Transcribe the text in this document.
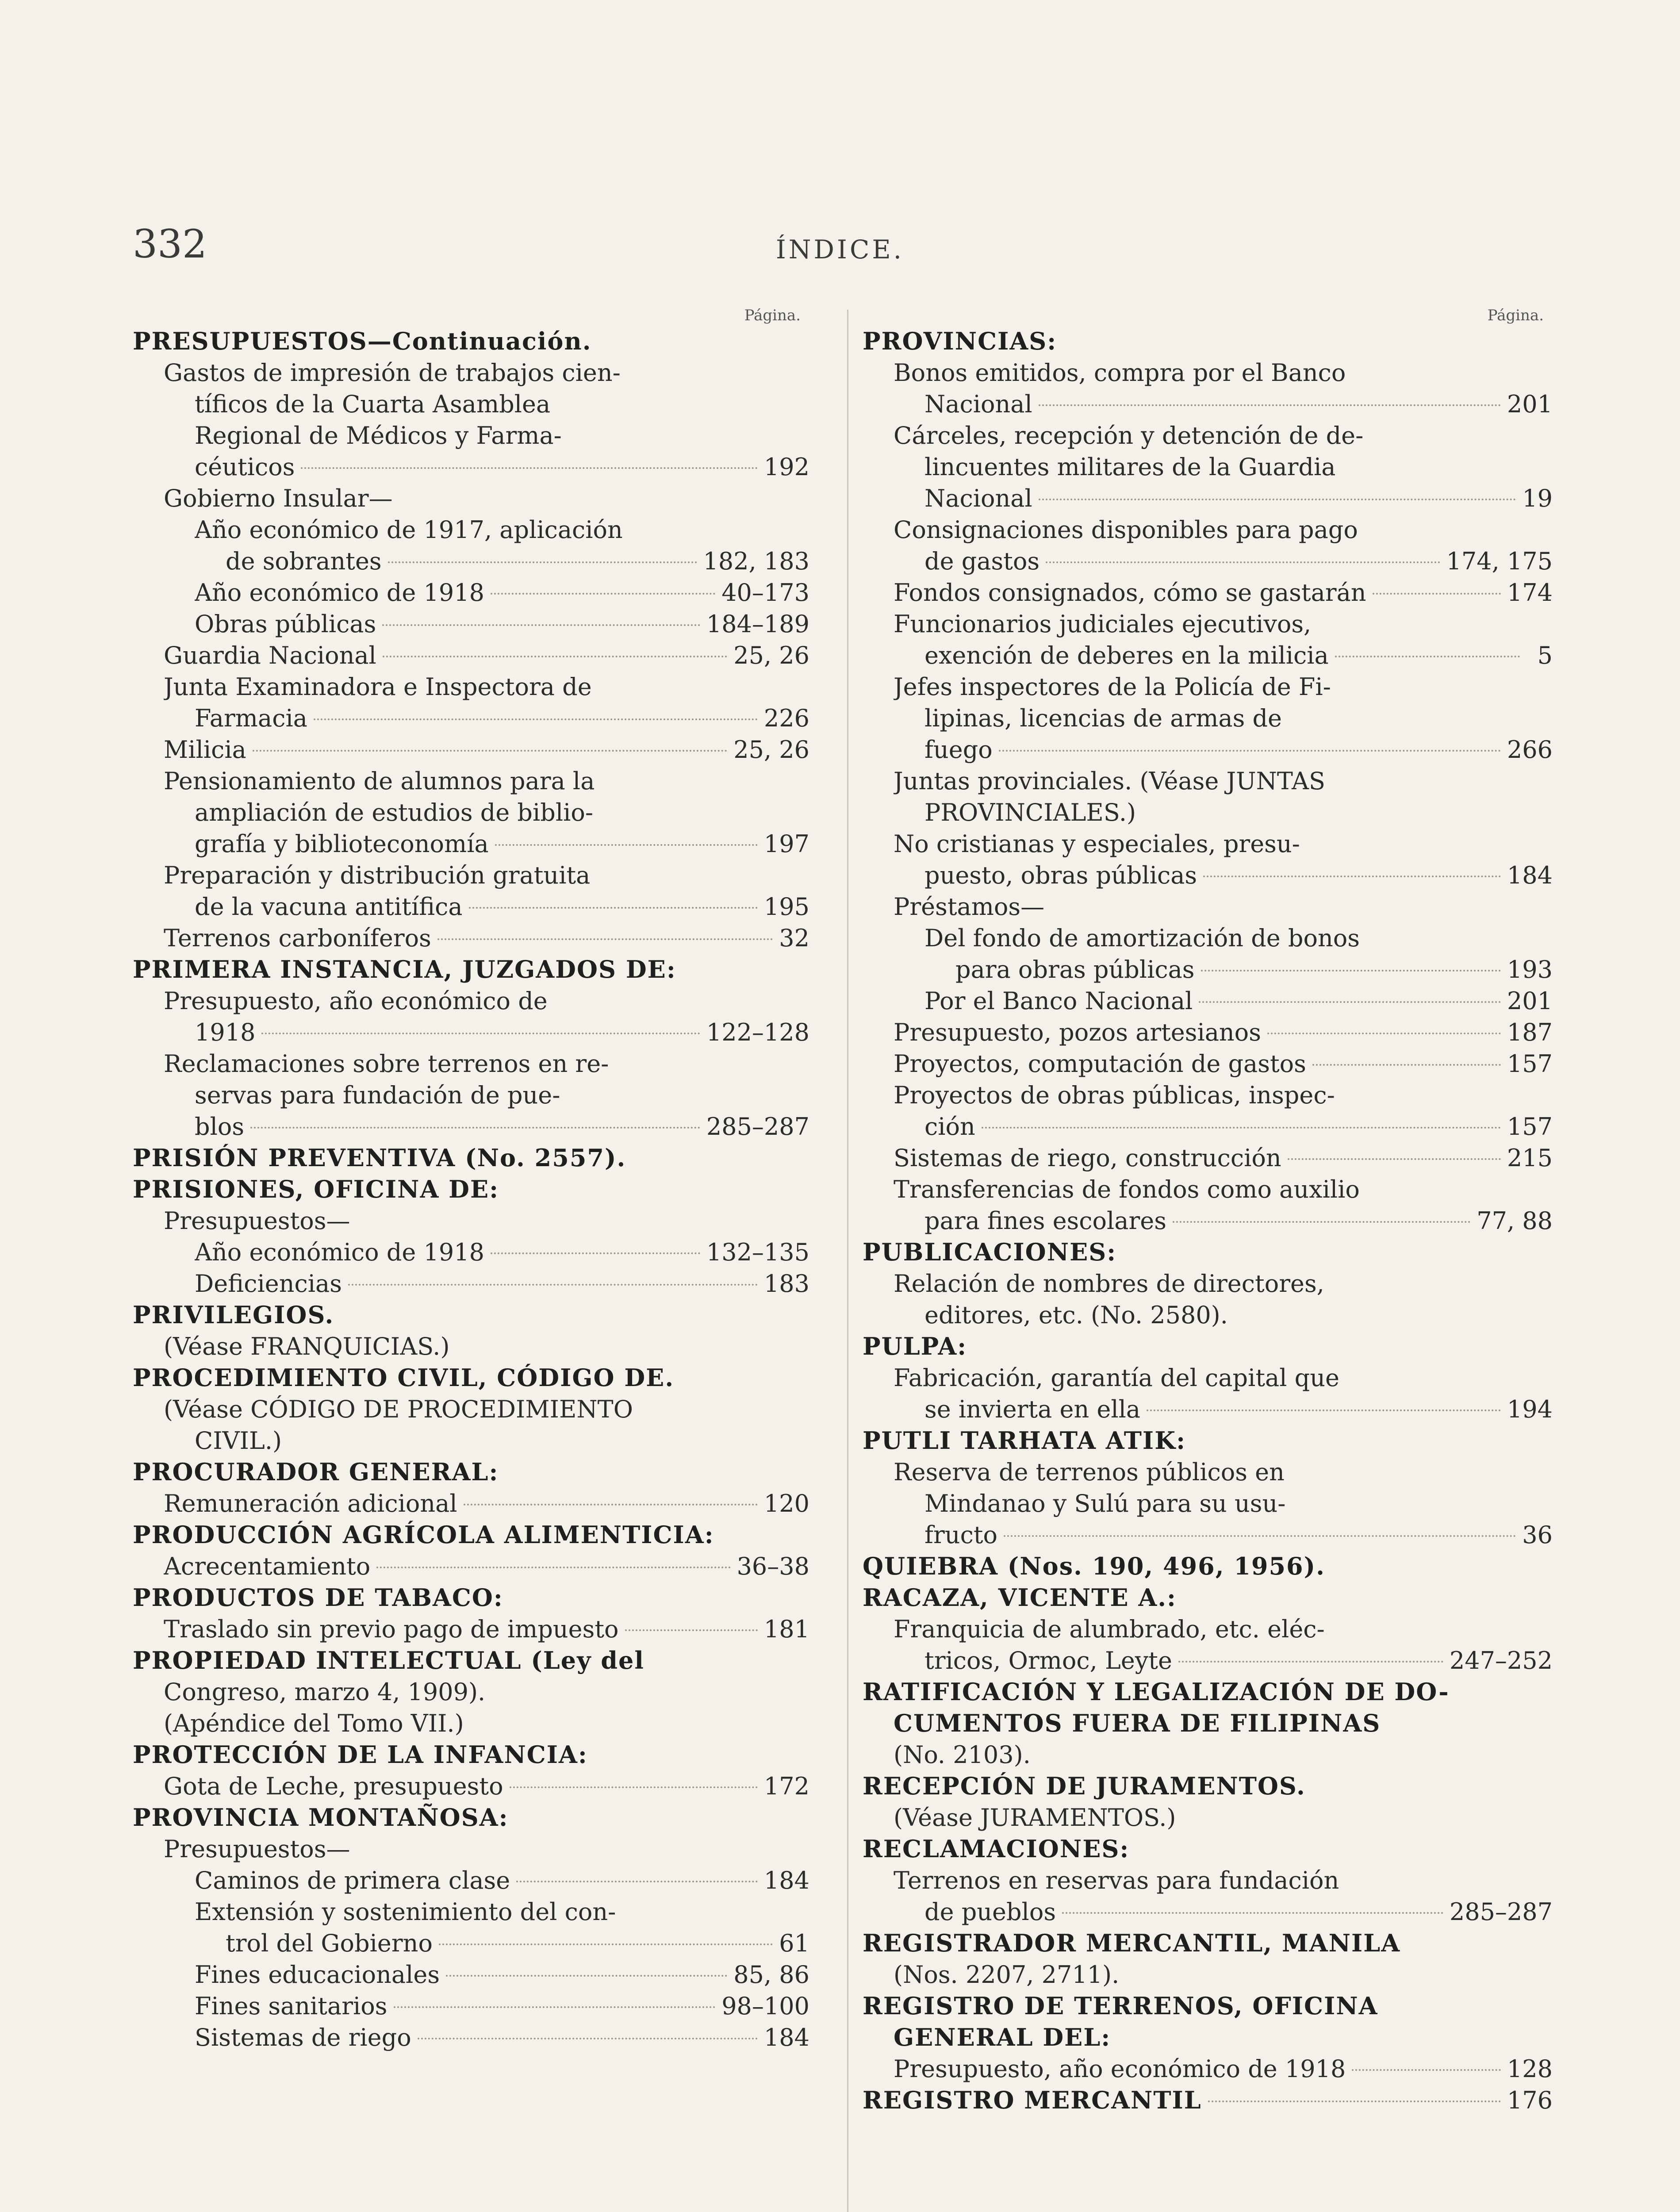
332	ÍNDICE.
Página.
PRESUPUESTOS—Continuación.
Gastos de impresión de trabajos cien-
tíficos de la Cuarta Asamblea
Regional de Médicos y Farma-
céuticos	192
Gobierno Insular—
Año económico de 1917, aplicación
de sobrantes	182, 183
Año económico de 1918	40–173
Obras públicas	184–189
Guardia Nacional	25, 26
Junta Examinadora e Inspectora de
Farmacia	226
Milicia	25, 26
Pensionamiento de alumnos para la
ampliación de estudios de biblio-
grafía y biblioteconomía	197
Preparación y distribución gratuita
de la vacuna antitífica	195
Terrenos carboníferos	32
PRIMERA INSTANCIA, JUZGADOS DE:
Presupuesto, año económico de
1918	122–128
Reclamaciones sobre terrenos en re-
servas para fundación de pue-
blos	285–287
PRISIÓN PREVENTIVA (No. 2557).
PRISIONES, OFICINA DE:
Presupuestos—
Año económico de 1918	132–135
Deficiencias	183
PRIVILEGIOS.
(Véase FRANQUICIAS.)
PROCEDIMIENTO CIVIL, CÓDIGO DE.
(Véase CÓDIGO DE PROCEDIMIENTO
CIVIL.)
PROCURADOR GENERAL:
Remuneración adicional	120
PRODUCCIÓN AGRÍCOLA ALIMENTICIA:
Acrecentamiento	36–38
PRODUCTOS DE TABACO:
Traslado sin previo pago de impuesto	181
PROPIEDAD INTELECTUAL (Ley del
Congreso, marzo 4, 1909).
(Apéndice del Tomo VII.)
PROTECCIÓN DE LA INFANCIA:
Gota de Leche, presupuesto	172
PROVINCIA MONTAÑOSA:
Presupuestos—
Caminos de primera clase	184
Extensión y sostenimiento del con-
trol del Gobierno	61
Fines educacionales	85, 86
Fines sanitarios	98–100
Sistemas de riego	184
Página.
PROVINCIAS:
Bonos emitidos, compra por el Banco
Nacional	201
Cárceles, recepción y detención de de-
lincuentes militares de la Guardia
Nacional	19
Consignaciones disponibles para pago
de gastos	174, 175
Fondos consignados, cómo se gastarán	174
Funcionarios judiciales ejecutivos,
exención de deberes en la milicia	5
Jefes inspectores de la Policía de Fi-
lipinas, licencias de armas de
fuego	266
Juntas provinciales. (Véase JUNTAS
PROVINCIALES.)
No cristianas y especiales, presu-
puesto, obras públicas	184
Préstamos—
Del fondo de amortización de bonos
para obras públicas	193
Por el Banco Nacional	201
Presupuesto, pozos artesianos	187
Proyectos, computación de gastos	157
Proyectos de obras públicas, inspec-
ción	157
Sistemas de riego, construcción	215
Transferencias de fondos como auxilio
para fines escolares	77, 88
PUBLICACIONES:
Relación de nombres de directores,
editores, etc. (No. 2580).
PULPA:
Fabricación, garantía del capital que
se invierta en ella	194
PUTLI TARHATA ATIK:
Reserva de terrenos públicos en
Mindanao y Sulú para su usu-
fructo	36
QUIEBRA (Nos. 190, 496, 1956).
RACAZA, VICENTE A.:
Franquicia de alumbrado, etc. eléc-
tricos, Ormoc, Leyte	247–252
RATIFICACIÓN Y LEGALIZACIÓN DE DO-
CUMENTOS FUERA DE FILIPINAS
(No. 2103).
RECEPCIÓN DE JURAMENTOS.
(Véase JURAMENTOS.)
RECLAMACIONES:
Terrenos en reservas para fundación
de pueblos	285–287
REGISTRADOR MERCANTIL, MANILA
(Nos. 2207, 2711).
REGISTRO DE TERRENOS, OFICINA
GENERAL DEL:
Presupuesto, año económico de 1918	128
REGISTRO MERCANTIL	176
